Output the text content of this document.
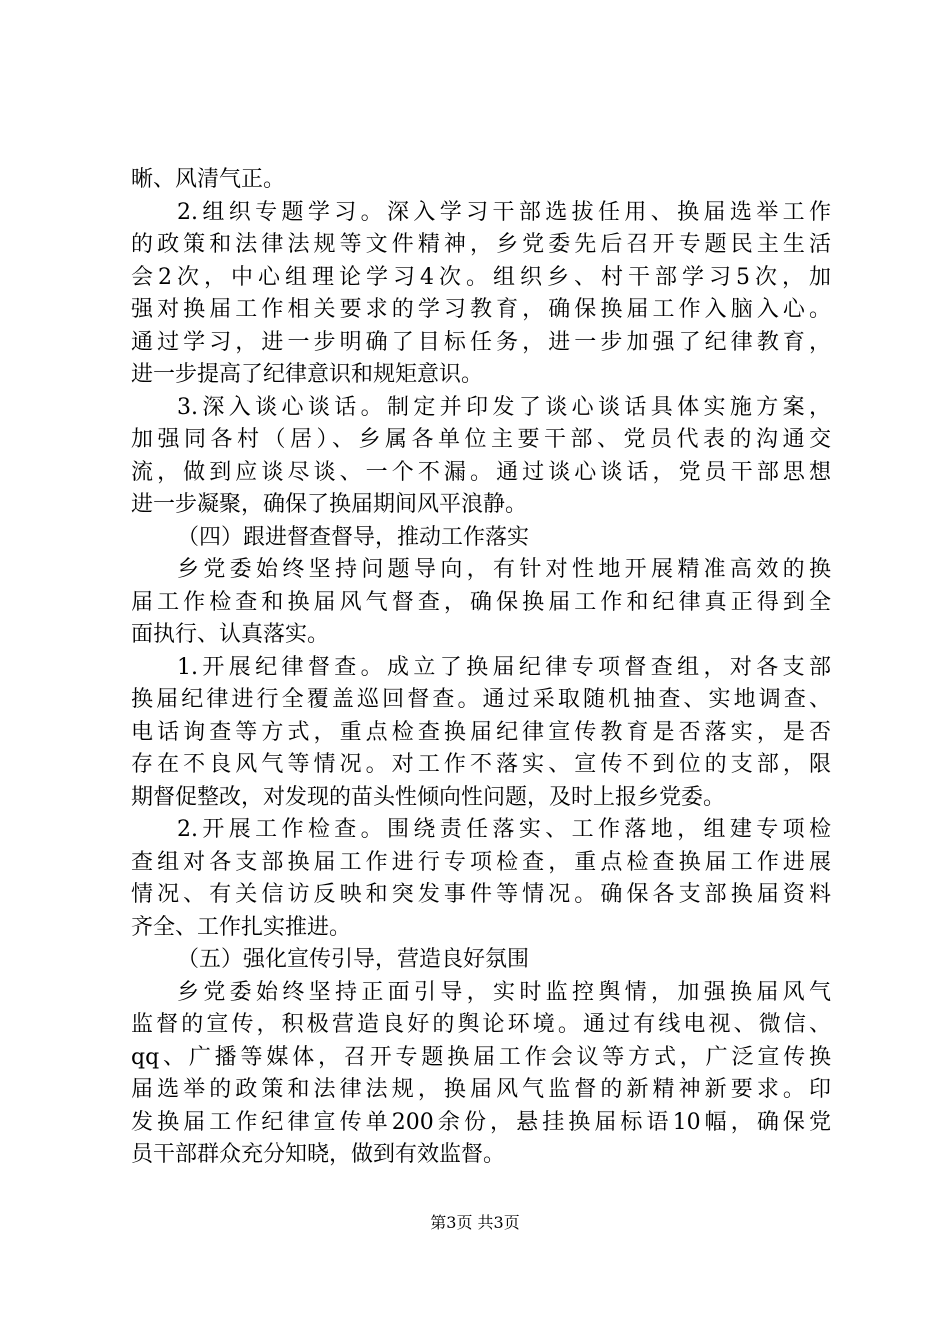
晰、风清气正。
2.组织专题学习。深入学习干部选拔任用、换届选举工作
的政策和法律法规等文件精神，乡党委先后召开专题民主生活
会2次，中心组理论学习4次。组织乡、村干部学习5次，加
强对换届工作相关要求的学习教育，确保换届工作入脑入心。
通过学习，进一步明确了目标任务，进一步加强了纪律教育，
进一步提高了纪律意识和规矩意识。
3.深入谈心谈话。制定并印发了谈心谈话具体实施方案，
加强同各村（居）、乡属各单位主要干部、党员代表的沟通交
流，做到应谈尽谈、一个不漏。通过谈心谈话，党员干部思想
进一步凝聚，确保了换届期间风平浪静。
（四）跟进督查督导，推动工作落实
乡党委始终坚持问题导向，有针对性地开展精准高效的换
届工作检查和换届风气督查，确保换届工作和纪律真正得到全
面执行、认真落实。
1.开展纪律督查。成立了换届纪律专项督查组，对各支部
换届纪律进行全覆盖巡回督查。通过采取随机抽查、实地调查、
电话询查等方式，重点检查换届纪律宣传教育是否落实，是否
存在不良风气等情况。对工作不落实、宣传不到位的支部，限
期督促整改，对发现的苗头性倾向性问题，及时上报乡党委。
2.开展工作检查。围绕责任落实、工作落地，组建专项检
查组对各支部换届工作进行专项检查，重点检查换届工作进展
情况、有关信访反映和突发事件等情况。确保各支部换届资料
齐全、工作扎实推进。
（五）强化宣传引导，营造良好氛围
乡党委始终坚持正面引导，实时监控舆情，加强换届风气
监督的宣传，积极营造良好的舆论环境。通过有线电视、微信、
qq、广播等媒体，召开专题换届工作会议等方式，广泛宣传换
届选举的政策和法律法规，换届风气监督的新精神新要求。印
发换届工作纪律宣传单200余份，悬挂换届标语10幅，确保党
员干部群众充分知晓，做到有效监督。
第3页 共3页
